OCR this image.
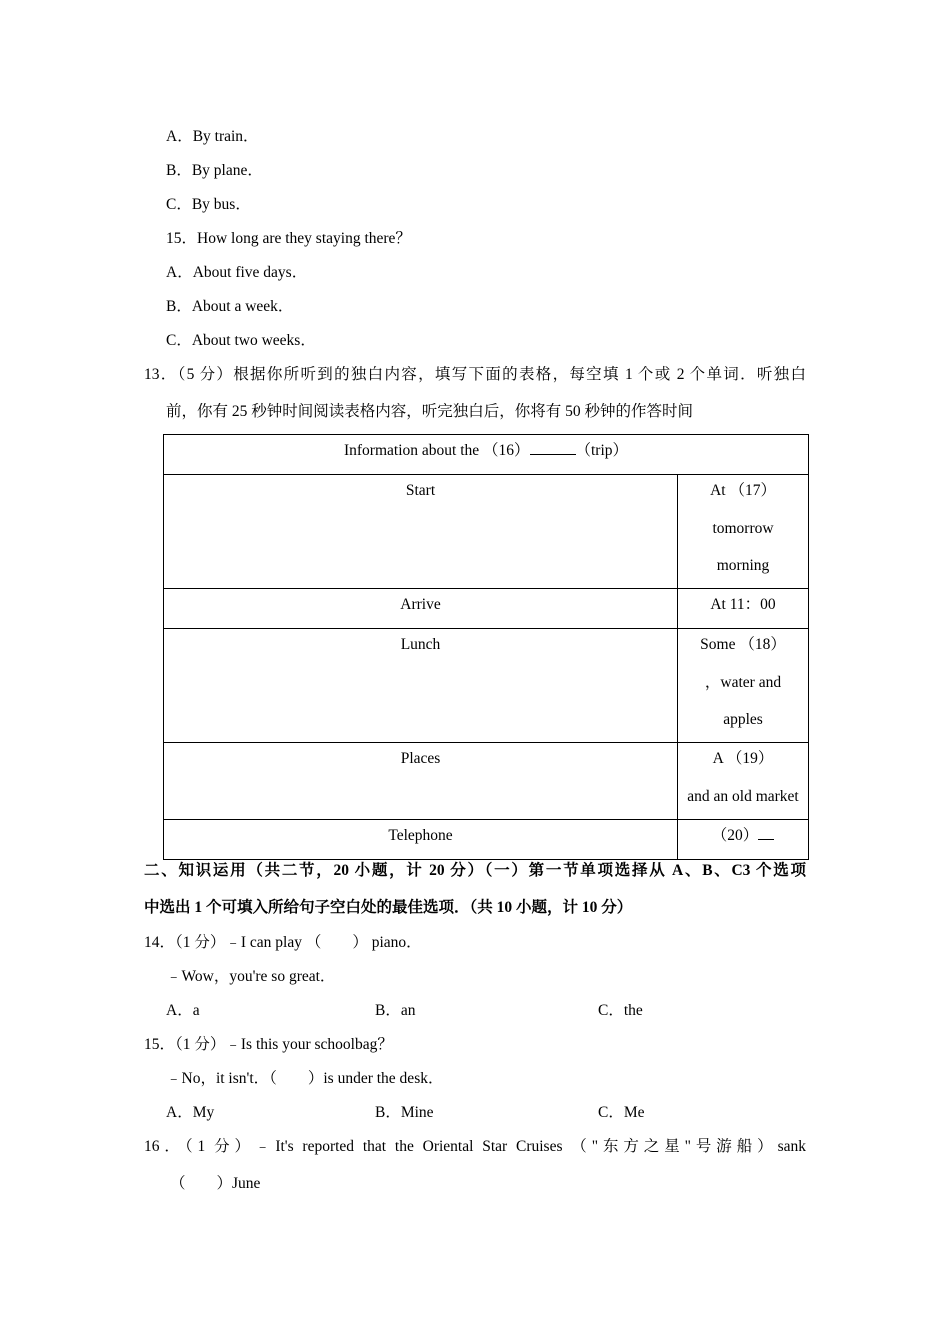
A．By train．
B．By plane．
C．By bus．
15．How long are they staying there？
A．About five days．
B．About a week．
C．About two weeks．
13．（5 分）根据你所听到的独白内容，填写下面的表格，每空填 1 个或 2 个单词．听独白
前，你有 25 秒钟时间阅读表格内容，听完独白后，你将有 50 秒钟的作答时间
Information about the （16） （trip）	

Start	At （17）
tomorrow
morning

Arrive	At 11：00

Lunch	Some （18）
，water and
apples

Places	A （19）
and an old market

Telephone	（20）
二、知识运用（共二节，20 小题，计 20 分）（一）第一节单项选择从 A、B、C3 个选项
中选出 1 个可填入所给句子空白处的最佳选项．（共 10 小题，计 10 分）
14．（1 分）﹣I can play （　　） piano．
﹣Wow，you're so great．
A．a	B．an	C．the
15．（1 分）﹣Is this your schoolbag？
﹣No，it isn't．（　　）is under the desk．
A．My	B．Mine	C．Me
16．（1 分）﹣It's reported that the Oriental Star Cruises （"东方之星"号游船）sank
（　　）June
